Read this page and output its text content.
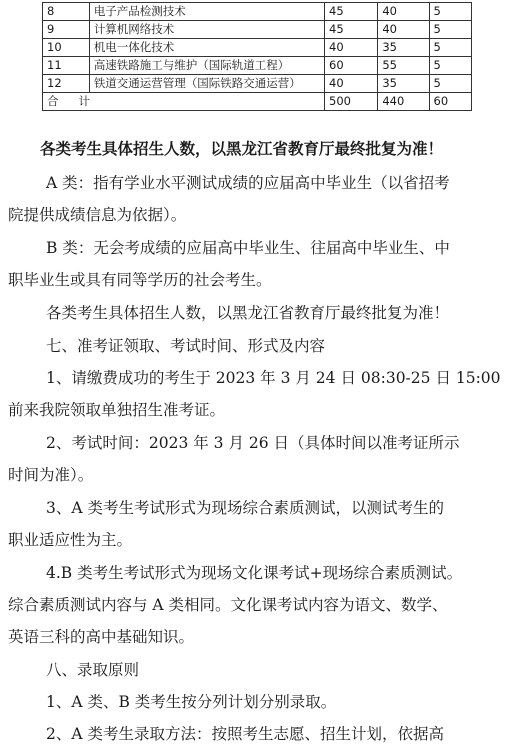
8	电子产品检测技术	45	40	5
9	计算机网络技术	45	40	5
10	机电一体化技术	40	35	5
11	高速铁路施工与维护（国际轨道工程）	60	55	5
12	铁道交通运营管理（国际铁路交通运营）	40	35	5
合计		500	440	60
各类考生具体招生人数，以黑龙江省教育厅最终批复为准！
A 类：指有学业水平测试成绩的应届高中毕业生（以省招考
院提供成绩信息为依据）。
B 类：无会考成绩的应届高中毕业生、往届高中毕业生、中
职毕业生或具有同等学历的社会考生。
各类考生具体招生人数，以黑龙江省教育厅最终批复为准！
七、准考证领取、考试时间、形式及内容
1、请缴费成功的考生于 2023 年 3 月 24 日 08:30-25 日 15:00
前来我院领取单独招生准考证。
2、考试时间：2023 年 3 月 26 日（具体时间以准考证所示
时间为准）。
3、A 类考生考试形式为现场综合素质测试，以测试考生的
职业适应性为主。
4.B 类考生考试形式为现场文化课考试+现场综合素质测试。
综合素质测试内容与 A 类相同。文化课考试内容为语文、数学、
英语三科的高中基础知识。
八、录取原则
1、A 类、B 类考生按分列计划分别录取。
2、A 类考生录取方法：按照考生志愿、招生计划，依据高
